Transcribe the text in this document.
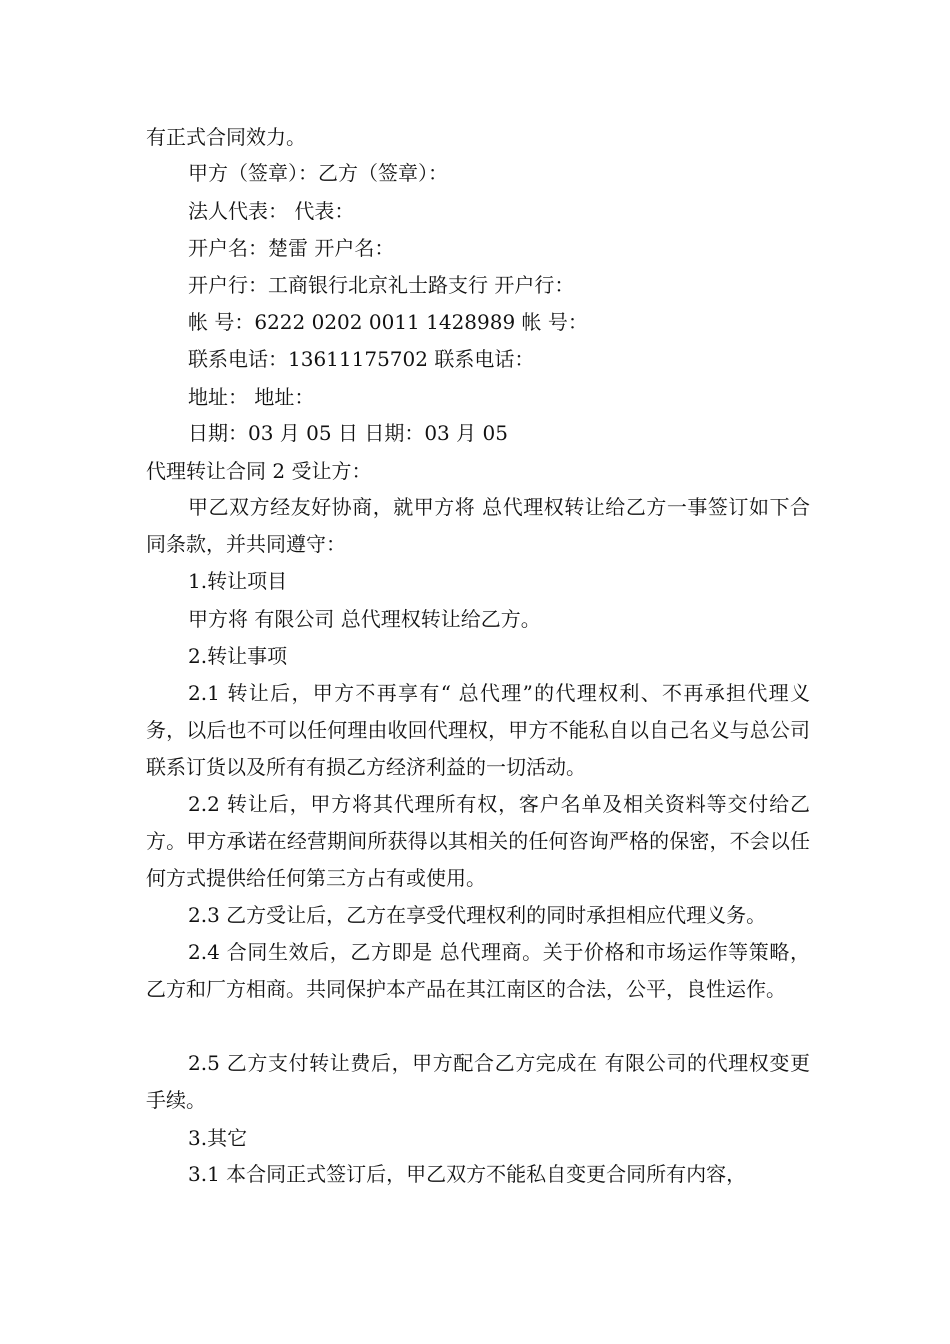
有正式合同效力。
甲方（签章）：乙方（签章）：
法人代表： 代表：
开户名：楚雷 开户名：
开户行：工商银行北京礼士路支行 开户行：
帐 号：6222 0202 0011 1428989 帐 号：
联系电话：13611175702 联系电话：
地址： 地址：
日期：03 月 05 日 日期：03 月 05
代理转让合同 2 受让方：
甲乙双方经友好协商，就甲方将 总代理权转让给乙方一事签订如下合同条款，并共同遵守：
1.转让项目
甲方将 有限公司 总代理权转让给乙方。
2.转让事项
2.1 转让后，甲方不再享有“ 总代理”的代理权利、不再承担代理义务，以后也不可以任何理由收回代理权，甲方不能私自以自己名义与总公司联系订货以及所有有损乙方经济利益的一切活动。
2.2 转让后，甲方将其代理所有权，客户名单及相关资料等交付给乙方。甲方承诺在经营期间所获得以其相关的任何咨询严格的保密，不会以任何方式提供给任何第三方占有或使用。
2.3 乙方受让后，乙方在享受代理权利的同时承担相应代理义务。
2.4 合同生效后，乙方即是 总代理商。关于价格和市场运作等策略，乙方和厂方相商。共同保护本产品在其江南区的合法，公平，良性运作。
2.5 乙方支付转让费后，甲方配合乙方完成在 有限公司的代理权变更手续。
3.其它
3.1 本合同正式签订后，甲乙双方不能私自变更合同所有内容，
